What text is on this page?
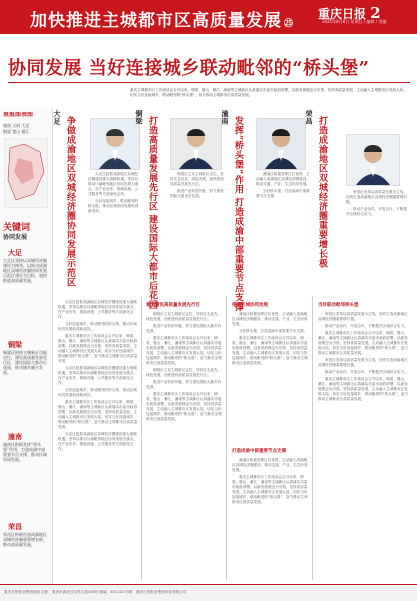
加快推进主城都市区高质量发展 ㉕
重庆日报 2
2021年8月8日 星期日 / 编辑 / 美编
协同发展 当好连接城乡联动毗邻的“桥头堡”
重庆主城都市区工作座谈会召开以来，铜梁、璧山、綦江、潼南等主城新区认真落实市委市政府部署，以新发展理念为引领，坚持高质量发展，主动融入主城都市区发展大局，切实当好连接城乡、联动毗邻的“桥头堡”，奋力推动主城都市区高质量发展。
重报图表图
潼南 天府 大足
铜梁 璧山 綦江
关键词
协同发展
大足
大足区坚持以双城经济圈建设为统领，以推动成渝地区双城经济圈协同发展示范区建设为目标，加快推进高质量发展。
铜梁
铜梁区围绕主城新区功能定位，建设高质量发展先行区、建设国际大都市后花园，推动城乡融合发展。
潼南
潼南区积极发挥“桥头堡”作用，打造成渝中部重要节点支撑，推动区域协同发展。
荣昌
荣昌区积极打造成渝地区双城经济圈重要增长极，推动高质量发展。
争做成渝地区双城经济圈协同发展示范区
大足

大足区抢抓成渝地区双城经济圈建设重大战略机遇，坚持以推动川渝毗邻地区协同发展为重点，在产业协作、基础设施、公共服务等方面深化合作。

当好连接城乡、联动毗邻的桥头堡，推动区域协同发展取得新成效。	打造高质量发展先行区 建设国际大都市后花园
铜梁

铜梁区立足主城新区定位，坚持生态优先、绿色发展，加快建设高质量发展先行区。

推进产业转型升级，努力建设国际大都市后花园。	发挥“桥头堡”作用 打造成渝中部重要节点支撑
潼南

潼南区积极发挥区位优势，主动融入成渝地区双城经济圈建设，推动交通、产业、生态协同发展。

当好桥头堡，打造成渝中部重要节点支撑。	打造成渝地区双城经济圈重要增长极
荣昌

荣昌区坚持以高质量发展为主线，加快打造成渝地区双城经济圈重要增长极。

推动产业协作、开放合作，不断提升区域综合实力。

大足区抢抓成渝地区双城经济圈建设重大战略机遇，坚持以推动川渝毗邻地区协同发展为重点，在产业协作、基础设施、公共服务等方面深化合作。

当好连接城乡、联动毗邻的桥头堡，推动区域协同发展取得新成效。

重庆主城都市区工作座谈会召开以来，铜梁、璧山、綦江、潼南等主城新区认真落实市委市政府部署，以新发展理念为引领，坚持高质量发展，主动融入主城都市区发展大局，切实当好连接城乡、联动毗邻的“桥头堡”，奋力推动主城都市区高质量发展。

大足区抢抓成渝地区双城经济圈建设重大战略机遇，坚持以推动川渝毗邻地区协同发展为重点，在产业协作、基础设施、公共服务等方面深化合作。

当好连接城乡、联动毗邻的桥头堡，推动区域协同发展取得新成效。

重庆主城都市区工作座谈会召开以来，铜梁、璧山、綦江、潼南等主城新区认真落实市委市政府部署，以新发展理念为引领，坚持高质量发展，主动融入主城都市区发展大局，切实当好连接城乡、联动毗邻的“桥头堡”，奋力推动主城都市区高质量发展。

大足区抢抓成渝地区双城经济圈建设重大战略机遇，坚持以推动川渝毗邻地区协同发展为重点，在产业协作、基础设施、公共服务等方面深化合作。

着力建设高质量发展先行区

铜梁区立足主城新区定位，坚持生态优先、绿色发展，加快建设高质量发展先行区。

推进产业转型升级，努力建设国际大都市后花园。

重庆主城都市区工作座谈会召开以来，铜梁、璧山、綦江、潼南等主城新区认真落实市委市政府部署，以新发展理念为引领，坚持高质量发展，主动融入主城都市区发展大局，切实当好连接城乡、联动毗邻的“桥头堡”，奋力推动主城都市区高质量发展。

铜梁区立足主城新区定位，坚持生态优先、绿色发展，加快建设高质量发展先行区。

推进产业转型升级，努力建设国际大都市后花园。

重庆主城都市区工作座谈会召开以来，铜梁、璧山、綦江、潼南等主城新区认真落实市委市政府部署，以新发展理念为引领，坚持高质量发展，主动融入主城都市区发展大局，切实当好连接城乡、联动毗邻的“桥头堡”，奋力推动主城都市区高质量发展。

推动区域协同发展

潼南区积极发挥区位优势，主动融入成渝地区双城经济圈建设，推动交通、产业、生态协同发展。

当好桥头堡，打造成渝中部重要节点支撑。

重庆主城都市区工作座谈会召开以来，铜梁、璧山、綦江、潼南等主城新区认真落实市委市政府部署，以新发展理念为引领，坚持高质量发展，主动融入主城都市区发展大局，切实当好连接城乡、联动毗邻的“桥头堡”，奋力推动主城都市区高质量发展。

打造成渝中部重要节点支撑

潼南区积极发挥区位优势，主动融入成渝地区双城经济圈建设，推动交通、产业、生态协同发展。

重庆主城都市区工作座谈会召开以来，铜梁、璧山、綦江、潼南等主城新区认真落实市委市政府部署，以新发展理念为引领，坚持高质量发展，主动融入主城都市区发展大局，切实当好连接城乡、联动毗邻的“桥头堡”，奋力推动主城都市区高质量发展。

当好联动毗邻桥头堡

荣昌区坚持以高质量发展为主线，加快打造成渝地区双城经济圈重要增长极。

推动产业协作、开放合作，不断提升区域综合实力。

重庆主城都市区工作座谈会召开以来，铜梁、璧山、綦江、潼南等主城新区认真落实市委市政府部署，以新发展理念为引领，坚持高质量发展，主动融入主城都市区发展大局，切实当好连接城乡、联动毗邻的“桥头堡”，奋力推动主城都市区高质量发展。

荣昌区坚持以高质量发展为主线，加快打造成渝地区双城经济圈重要增长极。

推动产业协作、开放合作，不断提升区域综合实力。

重庆主城都市区工作座谈会召开以来，铜梁、璧山、綦江、潼南等主城新区认真落实市委市政府部署，以新发展理念为引领，坚持高质量发展，主动融入主城都市区发展大局，切实当好连接城乡、联动毗邻的“桥头堡”，奋力推动主城都市区高质量发展。

重庆日报报业集团出版 社址：重庆市渝北区同茂大道416号 邮编：401120 印刷：重庆日报报业集团印务有限公司
